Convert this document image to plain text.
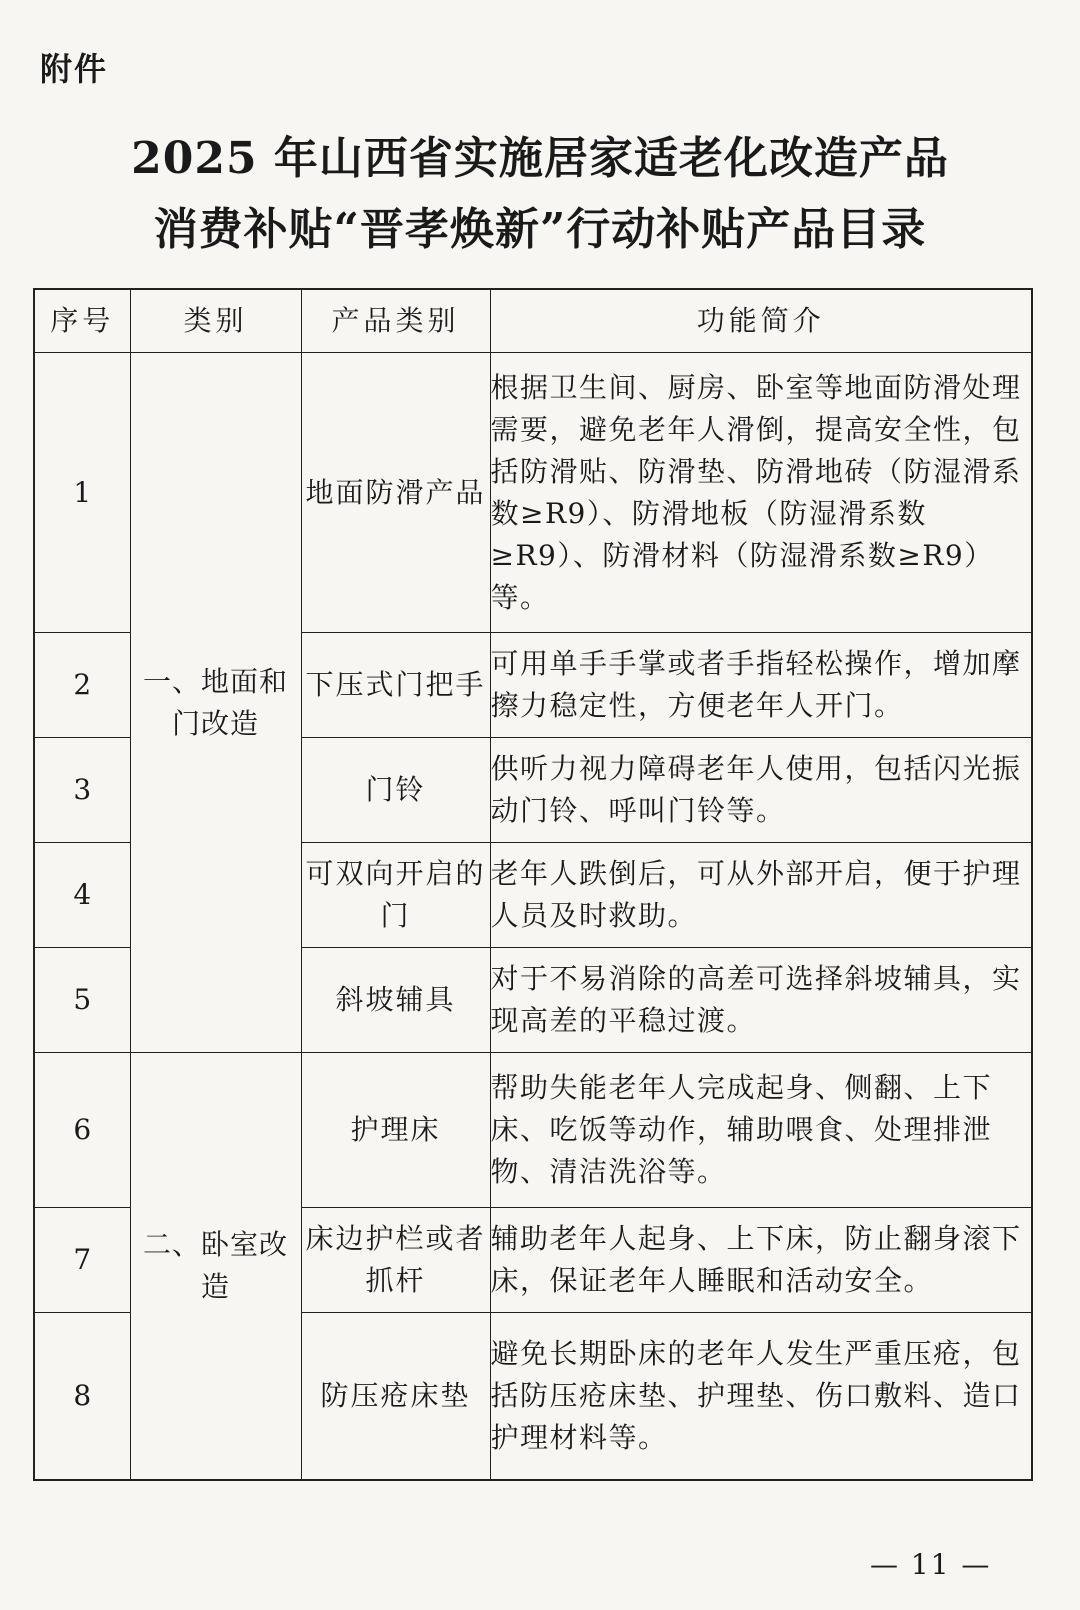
附件
2025 年山西省实施居家适老化改造产品
消费补贴“晋孝焕新”行动补贴产品目录
序号	类别	产品类别	功能简介
1	一、地面和门改造	地面防滑产品	根据卫生间、厨房、卧室等地面防滑处理需要，避免老年人滑倒，提高安全性，包括防滑贴、防滑垫、防滑地砖（防湿滑系数≥R9）、防滑地板（防湿滑系数≥R9）、防滑材料（防湿滑系数≥R9）等。
2		下压式门把手	可用单手手掌或者手指轻松操作，增加摩擦力稳定性，方便老年人开门。
3		门铃	供听力视力障碍老年人使用，包括闪光振动门铃、呼叫门铃等。
4		可双向开启的门	老年人跌倒后，可从外部开启，便于护理人员及时救助。
5		斜坡辅具	对于不易消除的高差可选择斜坡辅具，实现高差的平稳过渡。
6	二、卧室改造	护理床	帮助失能老年人完成起身、侧翻、上下床、吃饭等动作，辅助喂食、处理排泄物、清洁洗浴等。
7		床边护栏或者抓杆	辅助老年人起身、上下床，防止翻身滚下床，保证老年人睡眠和活动安全。
8		防压疮床垫	避免长期卧床的老年人发生严重压疮，包括防压疮床垫、护理垫、伤口敷料、造口护理材料等。
— 11 —
